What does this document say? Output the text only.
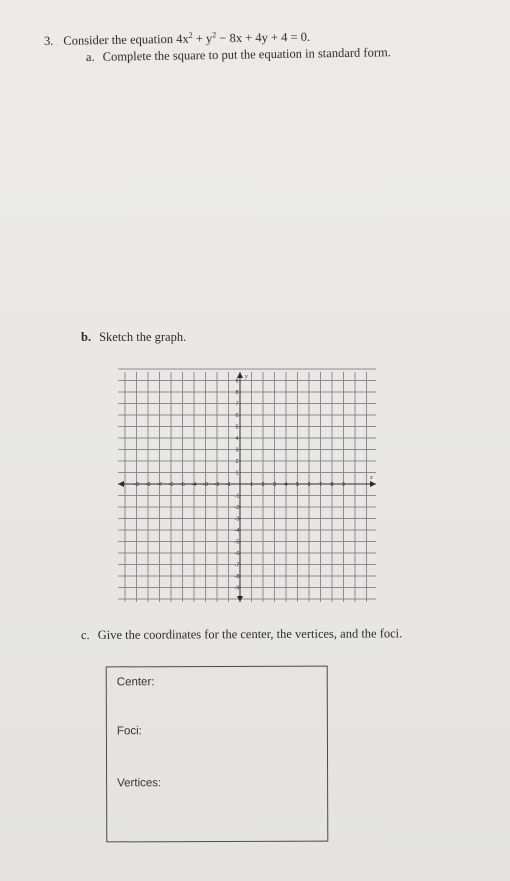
3. Consider the equation $4x^2 + y^2 - 8x + 4y + 4 = 0$.
a. Complete the square to put the equation in standard form.
b. Sketch the graph.
x
y
-9 -8 -7 -6 -5 -4 -3 -2 -1	1 2 3 4 5 6 7 8 9
9
8
7
6
5
4
3
2
1
-1
-2
-3
-4
-5
-6
-7
-8
-9
c. Give the coordinates for the center, the vertices, and the foci.
Center:
Foci:
Vertices:
